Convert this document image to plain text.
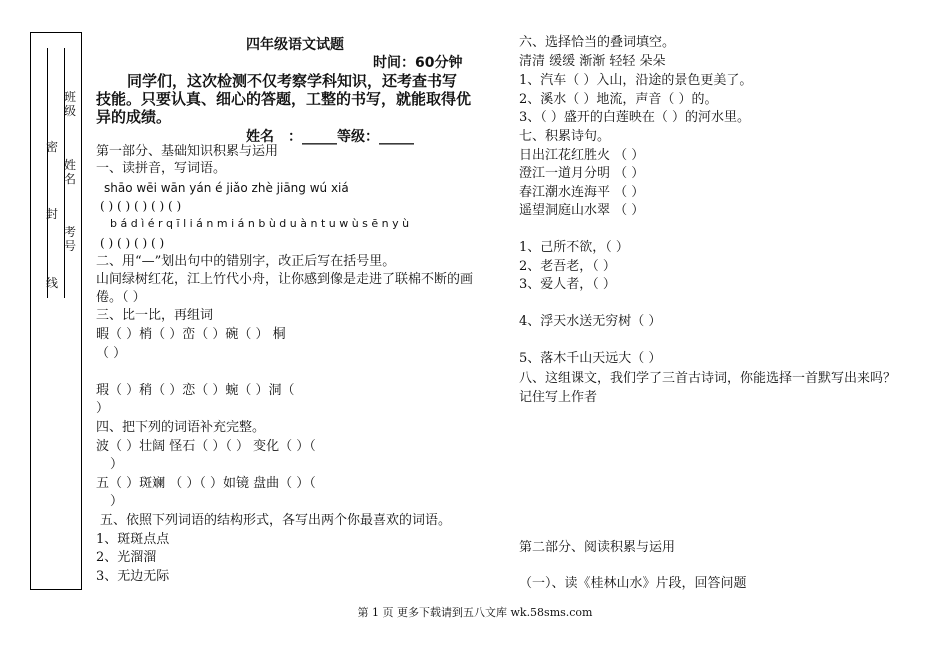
班级
姓名
考号
密
封
线
四年级语文试题
时间：60分钟
同学们，这次检测不仅考察学科知识，还考查书写
技能。只要认真、细心的答题，工整的书写，就能取得优
异的成绩。
姓名　：_____等级：_____
第一部分、基础知识积累与运用
一、读拼音，写词语。
shāo wēi wān yán é jiǎo zhè jiāng wú xiá
( ) ( ) ( ) ( ) ( )
b á d ì é r q ī l i á n m i á n b ù d u à n t u w ù s ē n y ù
( ) ( ) ( ) ( )
二、用“—”划出句中的错别字，改正后写在括号里。
山间绿树红花，江上竹代小舟，让你感到像是走进了联棉不断的画
倦。（ ）
三、比一比，再组词
暇（ ）梢（ ）峦（ ）碗（ ） 桐
（ ）
瑕（ ）稍（ ）恋（ ）蜿（ ）洞（
）
四、把下列的词语补充完整。
波（ ）壮阔 怪石（ ）（ ） 变化（ ）（
）
五（ ）斑斓 （ ）（ ）如镜 盘曲（ ）（
）
五、依照下列词语的结构形式，各写出两个你最喜欢的词语。
1、斑斑点点
2、光溜溜
3、无边无际
六、选择恰当的叠词填空。
清清 缓缓 渐渐 轻轻 朵朵
1、汽车（ ）入山，沿途的景色更美了。
2、溪水（ ）地流，声音（ ）的。
3、（ ）盛开的白莲映在（ ）的河水里。
七、积累诗句。
日出江花红胜火 （ ）
澄江一道月分明 （ ）
春江潮水连海平 （ ）
遥望洞庭山水翠 （ ）
1、己所不欲，（ ）
2、老吾老，（ ）
3、爱人者，（ ）
4、浮天水送无穷树（ ）
5、落木千山天远大（ ）
八、这组课文，我们学了三首古诗词，你能选择一首默写出来吗？
记住写上作者
第二部分、阅读积累与运用
（一）、读《桂林山水》片段，回答问题
第 1 页 更多下载请到五八文库 wk.58sms.com
